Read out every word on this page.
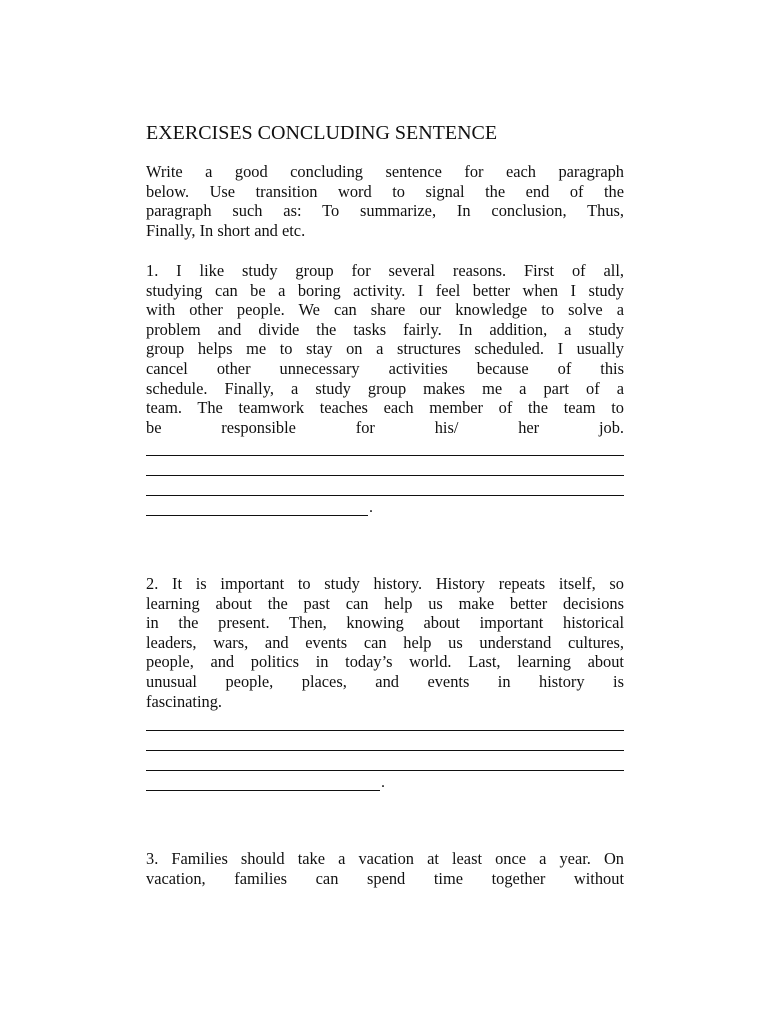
EXERCISES CONCLUDING SENTENCE
Write a good concluding sentence for each paragraph
below. Use transition word to signal the end of the
paragraph such as: To summarize, In conclusion, Thus,
Finally, In short and etc.
1. I like study group for several reasons. First of all,
studying can be a boring activity. I feel better when I study
with other people. We can share our knowledge to solve a
problem and divide the tasks fairly. In addition, a study
group helps me to stay on a structures scheduled. I usually
cancel other unnecessary activities because of this
schedule. Finally, a study group makes me a part of a
team. The teamwork teaches each member of the team to
be responsible for his/ her job.
.
2. It is important to study history. History repeats itself, so
learning about the past can help us make better decisions
in the present. Then, knowing about important historical
leaders, wars, and events can help us understand cultures,
people, and politics in today’s world. Last, learning about
unusual people, places, and events in history is
fascinating.
.
3. Families should take a vacation at least once a year. On
vacation, families can spend time together without
